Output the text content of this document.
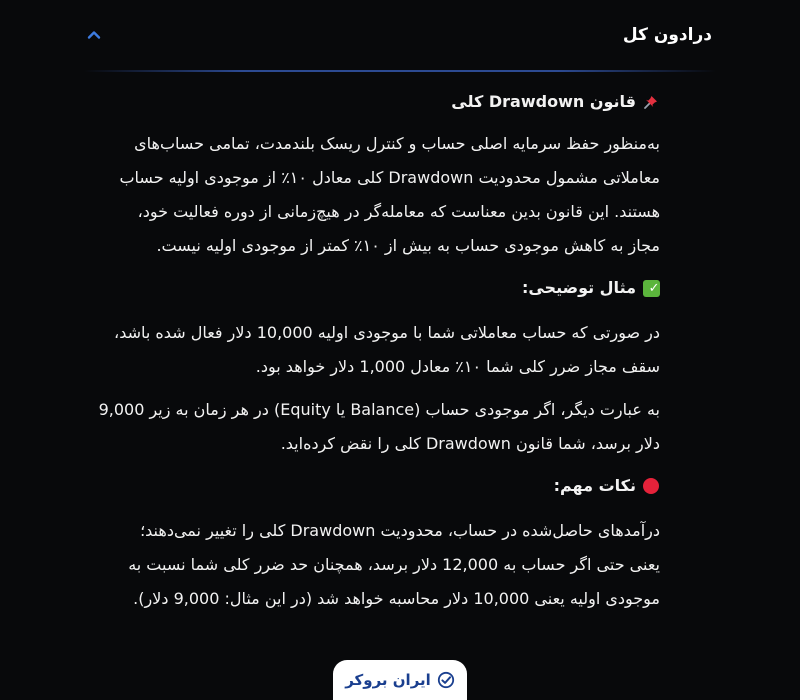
درادون کل

قانون Drawdown کلی

به‌منظور حفظ سرمایه اصلی حساب و کنترل ریسک بلندمدت، تمامی حساب‌های
معاملاتی مشمول محدودیت Drawdown کلی معادل ۱۰٪ از موجودی اولیه حساب
هستند. این قانون بدین معناست که معامله‌گر در هیچ‌زمانی از دوره فعالیت خود،
مجاز به کاهش موجودی حساب به بیش از ۱۰٪ کمتر از موجودی اولیه نیست.

✓
مثال توضیحی:

در صورتی که حساب معاملاتی شما با موجودی اولیه 10,000 دلار فعال شده باشد،
سقف مجاز ضرر کلی شما ۱۰٪ معادل 1,000 دلار خواهد بود.

به عبارت دیگر، اگر موجودی حساب (Balance یا Equity) در هر زمان به زیر 9,000
دلار برسد، شما قانون Drawdown کلی را نقض کرده‌اید.

نکات مهم:

درآمدهای حاصل‌شده در حساب، محدودیت Drawdown کلی را تغییر نمی‌دهند؛
یعنی حتی اگر حساب به 12,000 دلار برسد، همچنان حد ضرر کلی شما نسبت به
موجودی اولیه یعنی 10,000 دلار محاسبه خواهد شد (در این مثال: 9,000 دلار).

ایران بروکر
